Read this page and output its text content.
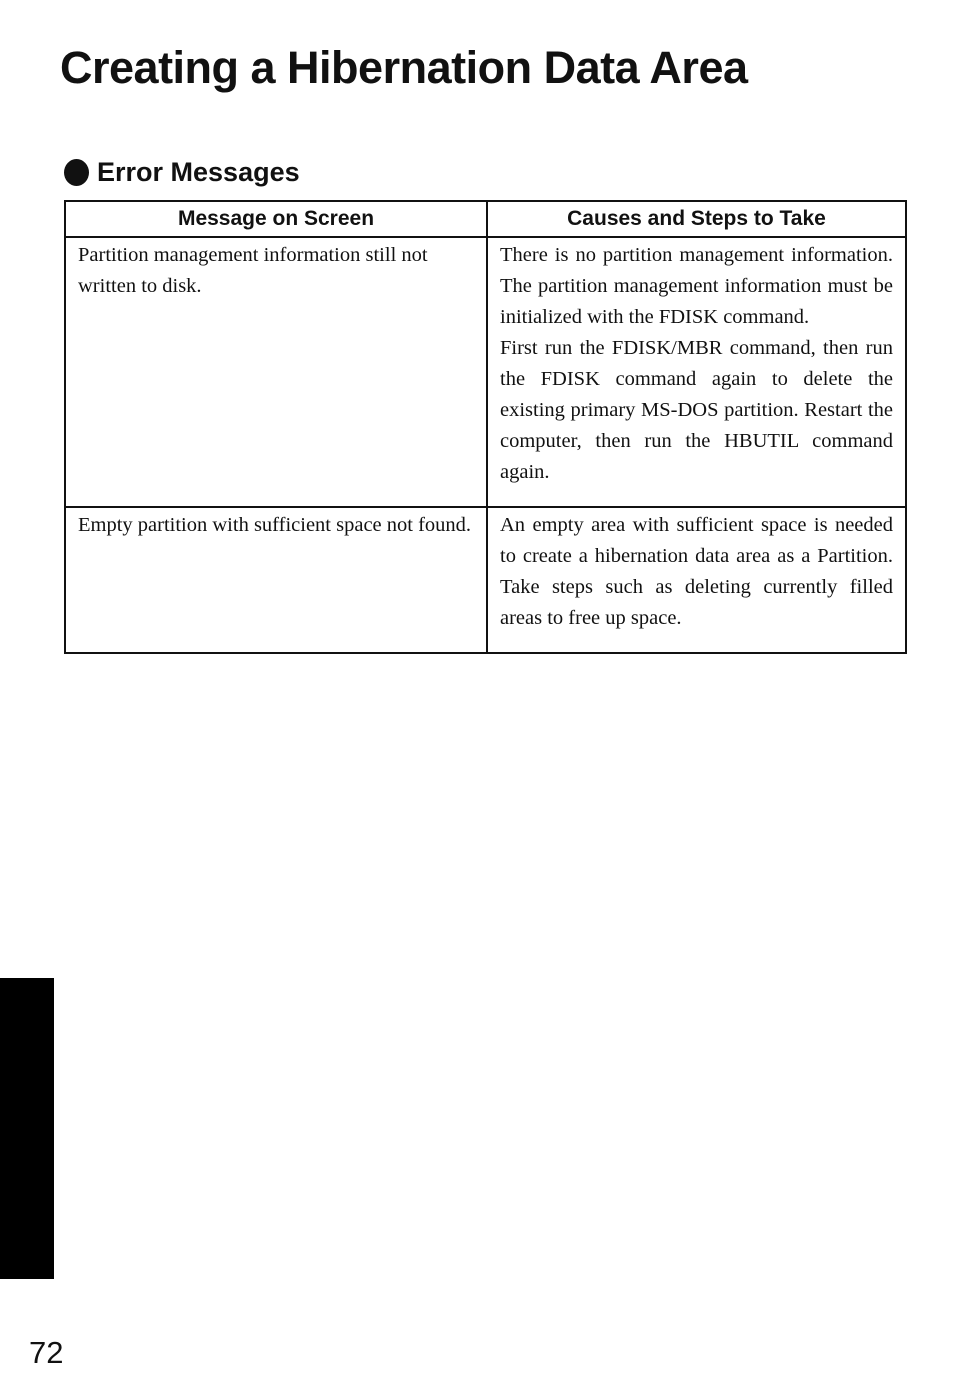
Creating a Hibernation Data Area
Error Messages
Message on Screen	Causes and Steps to Take
Partition management information still not written to disk.	There is no partition management information. The partition management information must be initialized with the FDISK command.

First run the FDISK/MBR command, then run the FDISK command again to delete the existing primary MS-DOS partition. Restart the computer, then run the HBUTIL command again.

Empty partition with sufficient space not found.	An empty area with sufficient space is needed to create a hibernation data area as a Partition. Take steps such as deleting currently filled areas to free up space.

72
